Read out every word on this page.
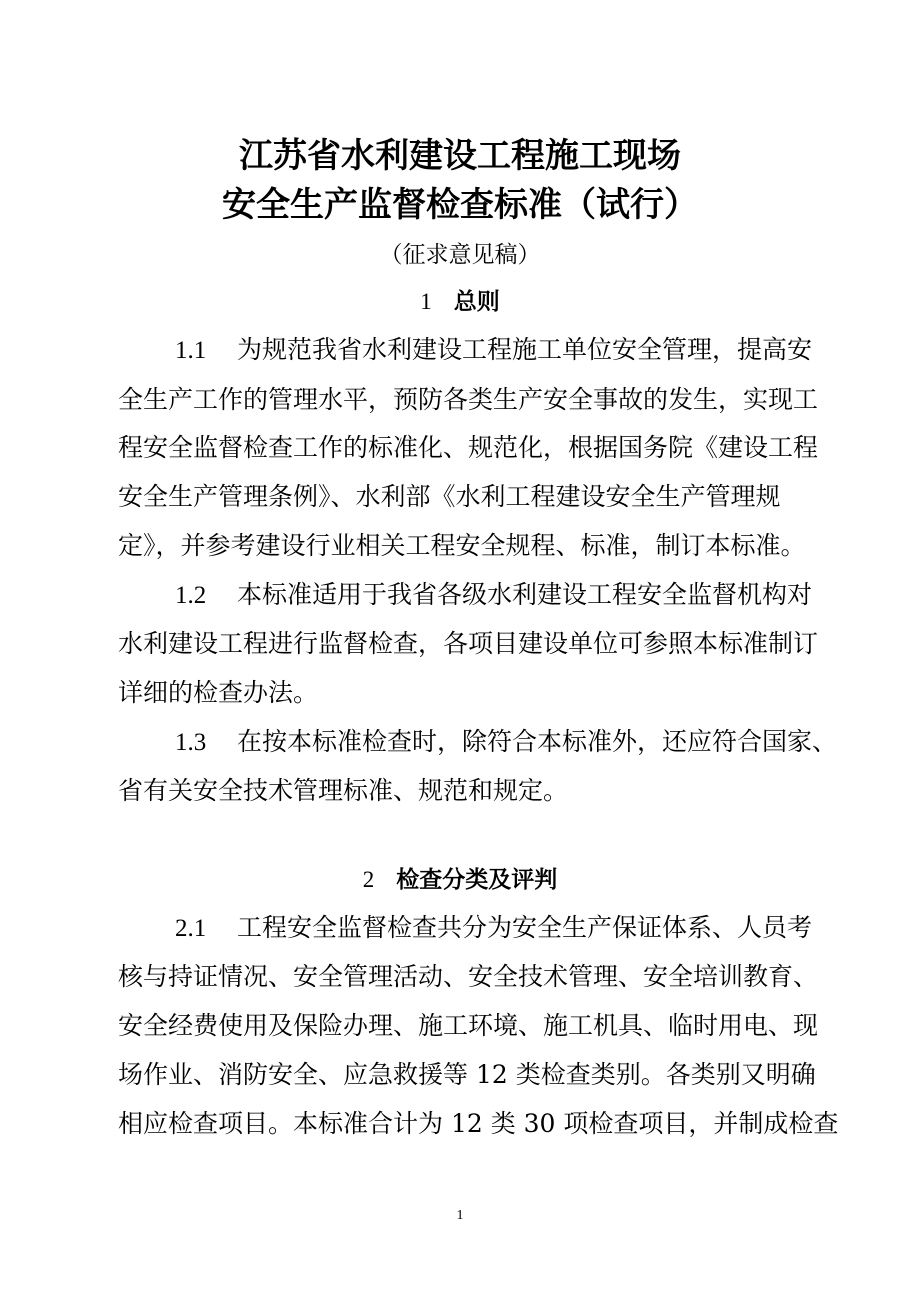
江苏省水利建设工程施工现场
安全生产监督检查标准（试行）
（征求意见稿）
1 总则
1.1 为规范我省水利建设工程施工单位安全管理，提高安
全生产工作的管理水平，预防各类生产安全事故的发生，实现工
程安全监督检查工作的标准化、规范化，根据国务院《建设工程
安全生产管理条例》、水利部《水利工程建设安全生产管理规
定》，并参考建设行业相关工程安全规程、标准，制订本标准。
1.2 本标准适用于我省各级水利建设工程安全监督机构对
水利建设工程进行监督检查，各项目建设单位可参照本标准制订
详细的检查办法。
1.3 在按本标准检查时，除符合本标准外，还应符合国家、
省有关安全技术管理标准、规范和规定。
2 检查分类及评判
2.1 工程安全监督检查共分为安全生产保证体系、人员考
核与持证情况、安全管理活动、安全技术管理、安全培训教育、
安全经费使用及保险办理、施工环境、施工机具、临时用电、现
场作业、消防安全、应急救援等 12 类检查类别。各类别又明确
相应检查项目。本标准合计为 12 类 30 项检查项目，并制成检查
1
